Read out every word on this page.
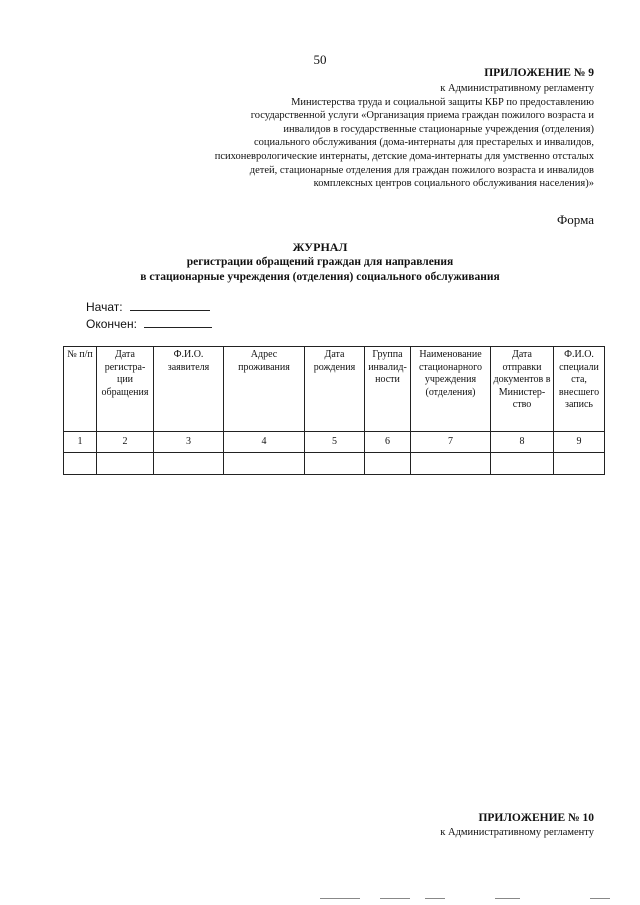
50
ПРИЛОЖЕНИЕ № 9
к Административному регламенту
Министерства труда и социальной защиты КБР по предоставлению
государственной услуги «Организация приема граждан пожилого возраста и
инвалидов в государственные стационарные учреждения (отделения)
социального обслуживания (дома-интернаты для престарелых и инвалидов,
психоневрологические интернаты, детские дома-интернаты для умственно отсталых
детей, стационарные отделения для граждан пожилого возраста и инвалидов
комплексных центров социального обслуживания населения)»
Форма
ЖУРНАЛ
регистрации обращений граждан для направления
в стационарные учреждения (отделения) социального обслуживания
Начат:
Окончен:
№ п/п	Дата регистра-ции обращения	Ф.И.О. заявителя	Адрес проживания	Дата рождения	Группа инвалид-ности	Наименование стационарного учреждения (отделения)	Дата отправки документов в Министер-ство	Ф.И.О. специали ста, внесшего запись
1	2	3	4	5	6	7	8	9

ПРИЛОЖЕНИЕ № 10
к Административному регламенту
